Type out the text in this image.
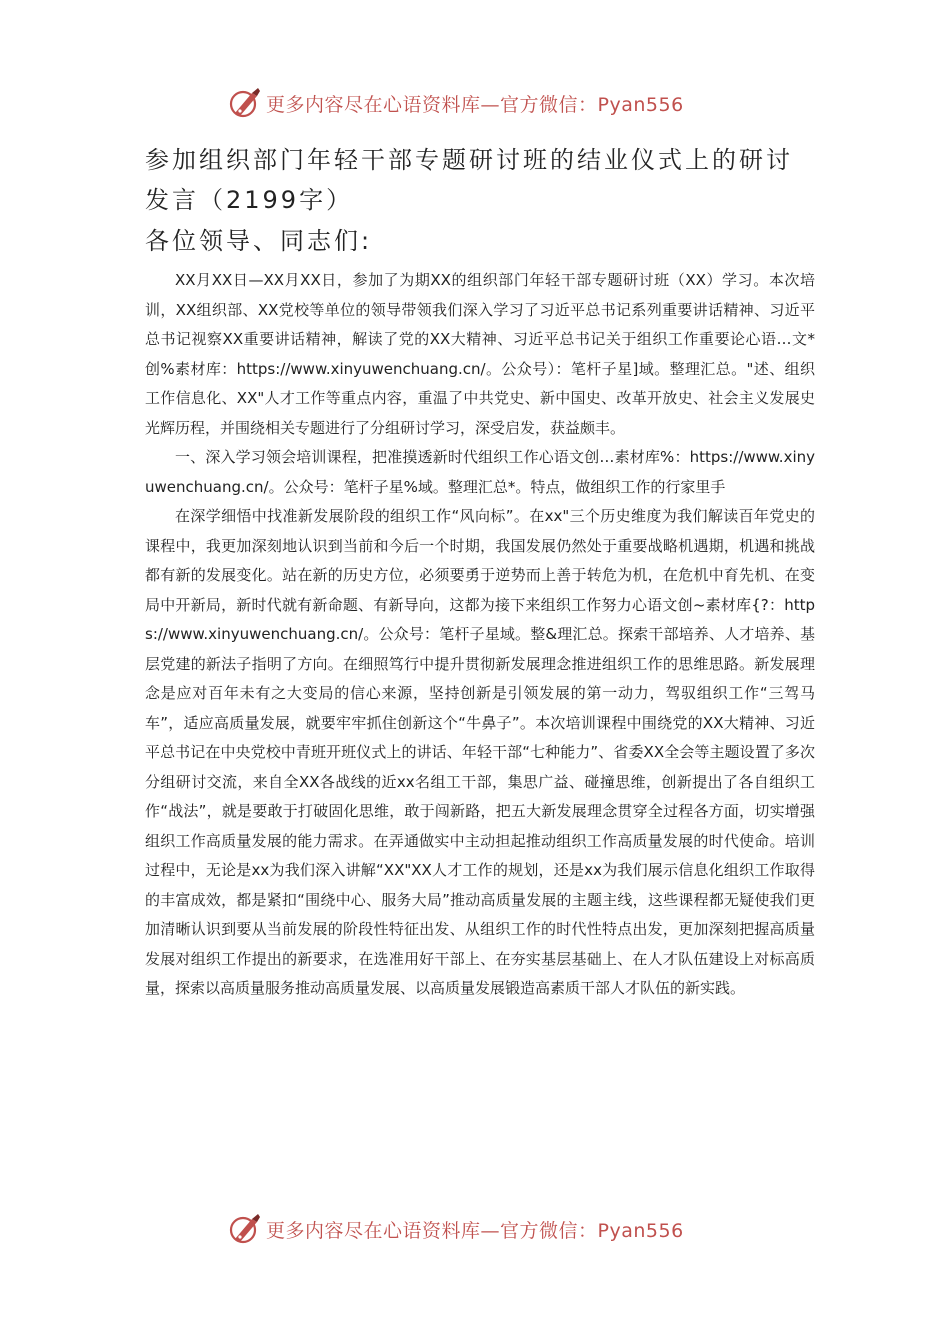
更多内容尽在心语资料库—官方微信：Pyan556
参加组织部门年轻干部专题研讨班的结业仪式上的研讨发言（2199字）
各位领导、同志们:

XX月XX日—XX月XX日，参加了为期XX的组织部门年轻干部专题研讨班（XX）学习。本次培训，XX组织部、XX党校等单位的领导带领我们深入学习了习近平总书记系列重要讲话精神、习近平总书记视察XX重要讲话精神，解读了党的XX大精神、习近平总书记关于组织工作重要论心语…文*创%素材库：https://www.xinyuwenchuang.cn/。公众号）：笔杆子星]域。整理汇总。"述、组织工作信息化、XX"人才工作等重点内容，重温了中共党史、新中国史、改革开放史、社会主义发展史光辉历程，并围绕相关专题进行了分组研讨学习，深受启发，获益颇丰。

一、深入学习领会培训课程，把准摸透新时代组织工作心语文创…素材库%：https://www.xinyuwenchuang.cn/。公众号：笔杆子星%域。整理汇总*。特点，做组织工作的行家里手

在深学细悟中找准新发展阶段的组织工作“风向标”。在xx"三个历史维度为我们解读百年党史的课程中，我更加深刻地认识到当前和今后一个时期，我国发展仍然处于重要战略机遇期，机遇和挑战都有新的发展变化。站在新的历史方位，必须要勇于逆势而上善于转危为机，在危机中育先机、在变局中开新局，新时代就有新命题、有新导向，这都为接下来组织工作努力心语文创~素材库{?：https://www.xinyuwenchuang.cn/。公众号：笔杆子星域。整&理汇总。探索干部培养、人才培养、基层党建的新法子指明了方向。在细照笃行中提升贯彻新发展理念推进组织工作的思维思路。新发展理念是应对百年未有之大变局的信心来源，坚持创新是引领发展的第一动力，驾驭组织工作“三驾马车”，适应高质量发展，就要牢牢抓住创新这个“牛鼻子”。本次培训课程中围绕党的XX大精神、习近平总书记在中央党校中青班开班仪式上的讲话、年轻干部“七种能力”、省委XX全会等主题设置了多次分组研讨交流，来自全XX各战线的近xx名组工干部，集思广益、碰撞思维，创新提出了各自组织工作“战法”，就是要敢于打破固化思维，敢于闯新路，把五大新发展理念贯穿全过程各方面，切实增强组织工作高质量发展的能力需求。在弄通做实中主动担起推动组织工作高质量发展的时代使命。培训过程中，无论是xx为我们深入讲解“XX"XX人才工作的规划，还是xx为我们展示信息化组织工作取得的丰富成效，都是紧扣“围绕中心、服务大局”推动高质量发展的主题主线，这些课程都无疑使我们更加清晰认识到要从当前发展的阶段性特征出发、从组织工作的时代性特点出发，更加深刻把握高质量发展对组织工作提出的新要求，在选准用好干部上、在夯实基层基础上、在人才队伍建设上对标高质量，探索以高质量服务推动高质量发展、以高质量发展锻造高素质干部人才队伍的新实践。

更多内容尽在心语资料库—官方微信：Pyan556
